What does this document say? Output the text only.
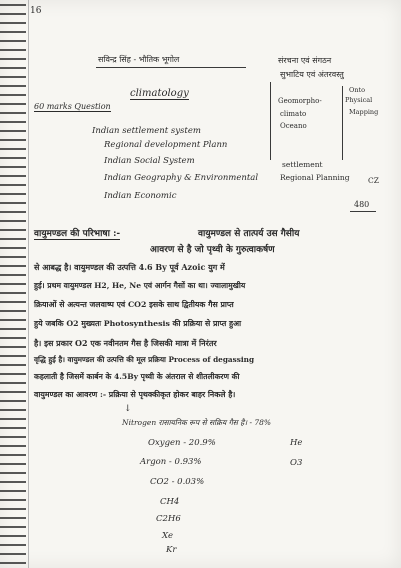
16
सविन्द्र सिंह - भौतिक भूगोल	संरचना एवं संगठन
सुभाटिय एवं अंतरवस्तु
climatology
60 marks Question
Geomorpho-
climato
Oceano
Onto
Physical
Mapping
settlement
Regional Planning CZ
Indian settlement system
Regional development Plann
Indian Social System
Indian Geography & Environmental
Indian Economic
480
वायुमण्डल की परिभाषा :-	वायुमण्डल से तात्पर्य उस गैसीय
आवरण से है जो पृथ्वी के गुरुत्वाकर्षण
से आबद्ध है। वायुमण्डल की उत्पत्ति 4.6 By पूर्व Azoic युग में
हुई। प्रथम वायुमण्डल H2, He, Ne एवं आर्गन गैसों का था। ज्वालामुखीय
क्रियाओं से अत्यन्त जलवाष्प एवं CO2 इसके साथ द्वितीयक गैस प्राप्त
हुये जबकि O2 मुख्यतः Photosynthesis की प्रक्रिया से प्राप्त हुआ
है। इस प्रकार O2 एक नवीनतम गैस है जिसकी मात्रा में निरंतर
वृद्धि हुई है। वायुमण्डल की उत्पत्ति की मूल प्रक्रिया Process of degassing
कहलाती है जिसमें कार्बन के 4.5By पृथ्वी के अंतराल से शीतलीकरण की
वायुमण्डल का आवरण :- प्रक्रिया से पृथक्कीकृत होकर बाहर निकले है।
↓
Nitrogen रासायनिक रूप से सक्रिय गैस है। - 78%
Oxygen - 20.9%	He
Argon - 0.93%	O3
CO2 - 0.03%
CH4
C2H6
Xe
Kr
